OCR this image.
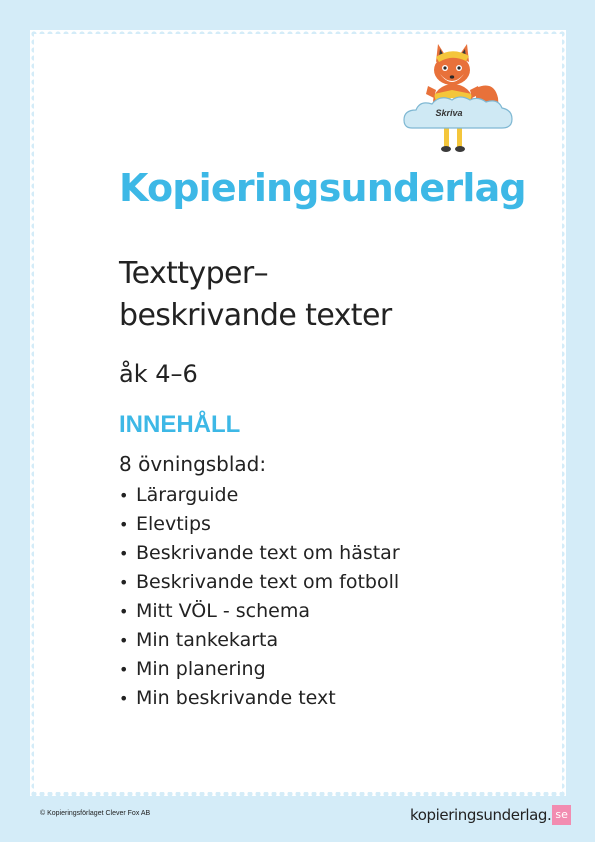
Skriva
Kopieringsunderlag
Texttyper–
beskrivande texter
åk 4–6
INNEHÅLL
8 övningsblad:
• Lärarguide
• Elevtips
• Beskrivande text om hästar
• Beskrivande text om fotboll
• Mitt VÖL - schema
• Min tankekarta
• Min planering
• Min beskrivande text
© Kopieringsförlaget Clever Fox AB	kopieringsunderlag. se
